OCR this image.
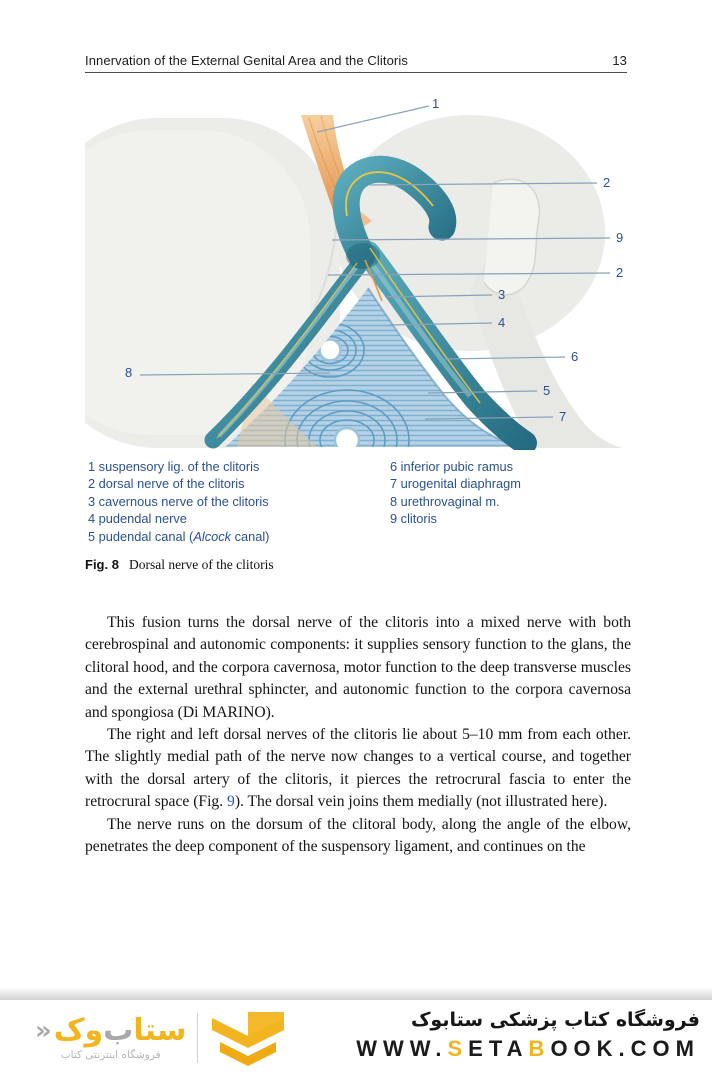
Innervation of the External Genital Area and the Clitoris	13
1
2
9
2
3
4
6
5
7
8
1 suspensory lig. of the clitoris
2 dorsal nerve of the clitoris
3 cavernous nerve of the clitoris
4 pudendal nerve
5 pudendal canal (Alcock canal)
6 inferior pubic ramus
7 urogenital diaphragm
8 urethrovaginal m.
9 clitoris
Fig. 8 Dorsal nerve of the clitoris

This fusion turns the dorsal nerve of the clitoris into a mixed nerve with both cerebrospinal and autonomic components: it supplies sensory function to the glans, the clitoral hood, and the corpora cavernosa, motor function to the deep transverse muscles and the external urethral sphincter, and autonomic function to the corpora cavernosa and spongiosa (Di MARINO).

The right and left dorsal nerves of the clitoris lie about 5–10 mm from each other. The slightly medial path of the nerve now changes to a vertical course, and together with the dorsal artery of the clitoris, it pierces the retrocrural fascia to enter the retrocrural space (Fig. 9). The dorsal vein joins them medially (not illustrated here).

The nerve runs on the dorsum of the clitoral body, along the angle of the elbow, penetrates the deep component of the suspensory ligament, and continues on the

ستا
ب
وک
«
فروشگاه اینترنتی کتاب
فروشگاه کتاب پزشکی ستابوک
WWW.SETABOOK.COM
